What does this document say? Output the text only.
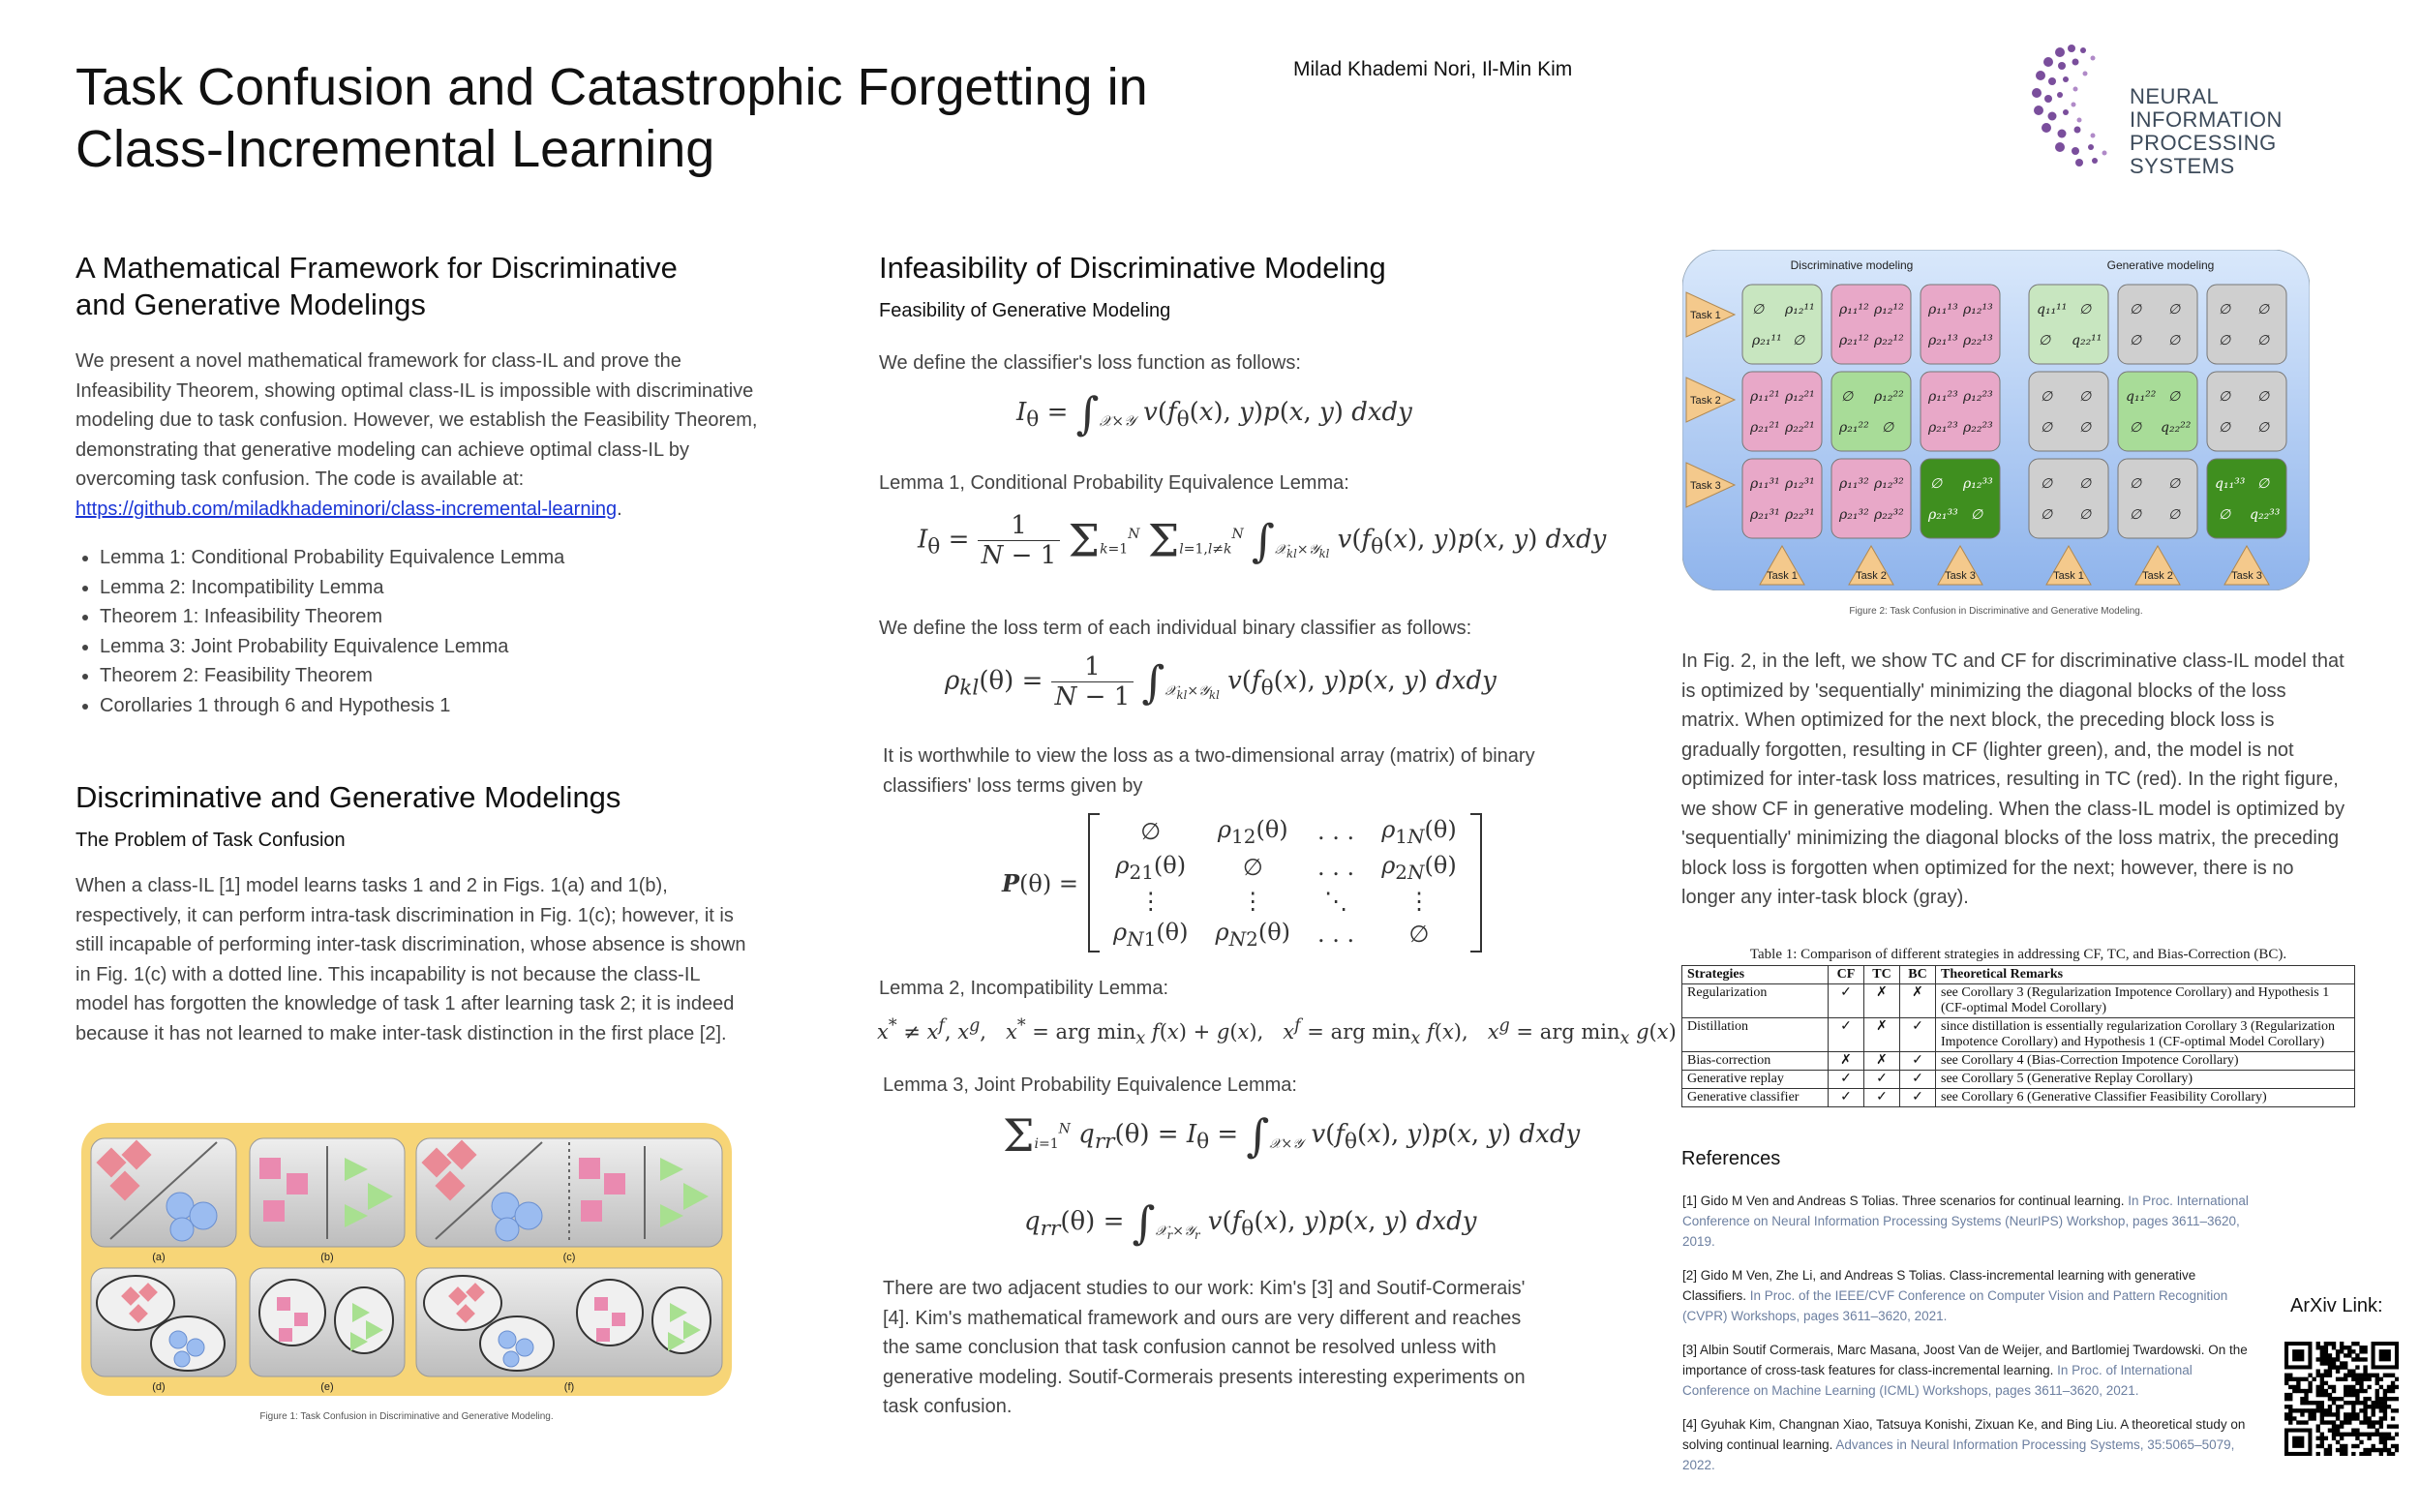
Task Confusion and Catastrophic Forgetting in
Class-Incremental Learning
Milad Khademi Nori, Il-Min Kim
NEURAL INFORMATION
PROCESSING SYSTEMS
A Mathematical Framework for Discriminative
and Generative Modelings
We present a novel mathematical framework for class-IL and prove the Infeasibility Theorem, showing optimal class-IL is impossible with discriminative modeling due to task confusion. However, we establish the Feasibility Theorem, demonstrating that generative modeling can achieve optimal class-IL by overcoming task confusion. The code is available at:
https://github.com/miladkhademinori/class-incremental-learning.
• Lemma 1: Conditional Probability Equivalence Lemma
• Lemma 2: Incompatibility Lemma
• Theorem 1: Infeasibility Theorem
• Lemma 3: Joint Probability Equivalence Lemma
• Theorem 2: Feasibility Theorem
• Corollaries 1 through 6 and Hypothesis 1
Discriminative and Generative Modelings
The Problem of Task Confusion
When a class-IL [1] model learns tasks 1 and 2 in Figs. 1(a) and 1(b), respectively, it can perform intra-task discrimination in Fig. 1(c); however, it is still incapable of performing inter-task discrimination, whose absence is shown in Fig. 1(c) with a dotted line. This incapability is not because the class-IL model has forgotten the knowledge of task 1 after learning task 2; it is indeed because it has not learned to make inter-task distinction in the first place [2].
(a)	(b)	(c)
(d)	(e)	(f)
Figure 1: Task Confusion in Discriminative and Generative Modeling.
Infeasibility of Discriminative Modeling
Feasibility of Generative Modeling
We define the classifier's loss function as follows:
$I_\theta = \int_{𝒳\times 𝒴}$ $v(f_\theta(x)$, y)p(x, y) dxdy
Lemma 1, Conditional Probability Equivalence Lemma:
$I_\theta = \frac{1}{N - 1} \Sigma_{k=1}^N$ $\Sigma_{l=1,l\ne k}^N$ $\int_{𝒳_{kl}\times 𝒴_{kl}}$ $v(f_\theta(x)$, y)p(x, y) dxdy
We define the loss term of each individual binary classifier as follows:
$\rho_{kl}(\theta) = \frac{1}{N - 1} \int_{𝒳_{kl}\times 𝒴_{kl}}$ $v(f_\theta(x)$, y)p(x, y) dxdy
It is worthwhile to view the loss as a two-dimensional array (matrix) of binary classifiers' loss terms given by
P(θ) =		∅	$\rho_{12}(\theta)$	. . .	$\rho_{1N}(\theta)$	
		$\rho_{21}(\theta)$	∅	. . .	$\rho_{2N}(\theta)$	
		⋮	⋮	⋱	⋮	
		$\rho_{N1}(\theta)$	$\rho_{N2}(\theta)$	. . .	∅	
Lemma 2, Incompatibility Lemma:
$x^* \ne x^f$, $x^g$,   x* = arg $\min_x f(x) + g(x)$,   $x^f$ = arg $\min_x f(x)$,   $x^g$ = arg $\min_x g(x)$
Lemma 3, Joint Probability Equivalence Lemma:
$\Sigma_{i=1}^N$ $q_{rr}(\theta) = I_\theta = \int_{𝒳\times 𝒴}$ $v(f_\theta(x)$, y)p(x, y) dxdy
$q_{rr}(\theta) = \int_{𝒳_r\times 𝒴_r}$ $v(f_\theta(x)$, y)p(x, y) dxdy
There are two adjacent studies to our work: Kim's [3] and Soutif-Cormerais' [4]. Kim's mathematical framework and ours are very different and reaches the same conclusion that task confusion cannot be resolved unless with generative modeling. Soutif-Cormerais presents interesting experiments on task confusion.
Discriminative modeling	Generative modeling
Task 1
Task 2
Task 3
∅ ρ₁₂¹¹
ρ₂₁¹¹ ∅
ρ₁₁¹² ρ₁₂¹²
ρ₂₁¹² ρ₂₂¹²
ρ₁₁¹³ ρ₁₂¹³
ρ₂₁¹³ ρ₂₂¹³
ρ₁₁²¹ ρ₁₂²¹
ρ₂₁²¹ ρ₂₂²¹
∅ ρ₁₂²²
ρ₂₁²² ∅
ρ₁₁²³ ρ₁₂²³
ρ₂₁²³ ρ₂₂²³
ρ₁₁³¹ ρ₁₂³¹
ρ₂₁³¹ ρ₂₂³¹
ρ₁₁³² ρ₁₂³²
ρ₂₁³² ρ₂₂³²
∅ ρ₁₂³³
ρ₂₁³³ ∅
q₁₁¹¹ ∅
∅ q₂₂¹¹
∅ ∅
∅ ∅
∅ ∅
∅ ∅
∅ ∅
∅ ∅
q₁₁²² ∅
∅ q₂₂²²
∅ ∅
∅ ∅
∅ ∅
∅ ∅
∅ ∅
∅ ∅
q₁₁³³ ∅
∅ q₂₂³³
Task 1	Task 2	Task 3	Task 1	Task 2	Task 3
Figure 2: Task Confusion in Discriminative and Generative Modeling.
In Fig. 2, in the left, we show TC and CF for discriminative class-IL model that is optimized by 'sequentially' minimizing the diagonal blocks of the loss matrix. When optimized for the next block, the preceding block loss is gradually forgotten, resulting in CF (lighter green), and, the model is not optimized for inter-task loss matrices, resulting in TC (red). In the right figure, we show CF in generative modeling. When the class-IL model is optimized by 'sequentially' minimizing the diagonal blocks of the loss matrix, the preceding block loss is forgotten when optimized for the next; however, there is no longer any inter-task block (gray).
Table 1: Comparison of different strategies in addressing CF, TC, and Bias-Correction (BC).
Strategies	CF	TC	BC	Theoretical Remarks
Regularization	✓	✗	✗	see Corollary 3 (Regularization Impotence Corollary) and Hypothesis 1 (CF-optimal Model Corollary)
Distillation	✓	✗	✓	since distillation is essentially regularization Corollary 3 (Regularization Impotence Corollary) and Hypothesis 1 (CF-optimal Model Corollary)
Bias-correction	✗	✗	✓	see Corollary 4 (Bias-Correction Impotence Corollary)
Generative replay	✓	✓	✓	see Corollary 5 (Generative Replay Corollary)
Generative classifier	✓	✓	✓	see Corollary 6 (Generative Classifier Feasibility Corollary)
References

[1] Gido M Ven and Andreas S Tolias. Three scenarios for continual learning. In Proc. International Conference on Neural Information Processing Systems (NeurIPS) Workshop, pages 3611–3620, 2019.

[2] Gido M Ven, Zhe Li, and Andreas S Tolias. Class-incremental learning with generative Classifiers. In Proc. of the IEEE/CVF Conference on Computer Vision and Pattern Recognition (CVPR) Workshops, pages 3611–3620, 2021.

[3] Albin Soutif Cormerais, Marc Masana, Joost Van de Weijer, and Bartlomiej Twardowski. On the importance of cross-task features for class-incremental learning. In Proc. of International Conference on Machine Learning (ICML) Workshops, pages 3611–3620, 2021.

[4] Gyuhak Kim, Changnan Xiao, Tatsuya Konishi, Zixuan Ke, and Bing Liu. A theoretical study on solving continual learning. Advances in Neural Information Processing Systems, 35:5065–5079, 2022.

ArXiv Link:
